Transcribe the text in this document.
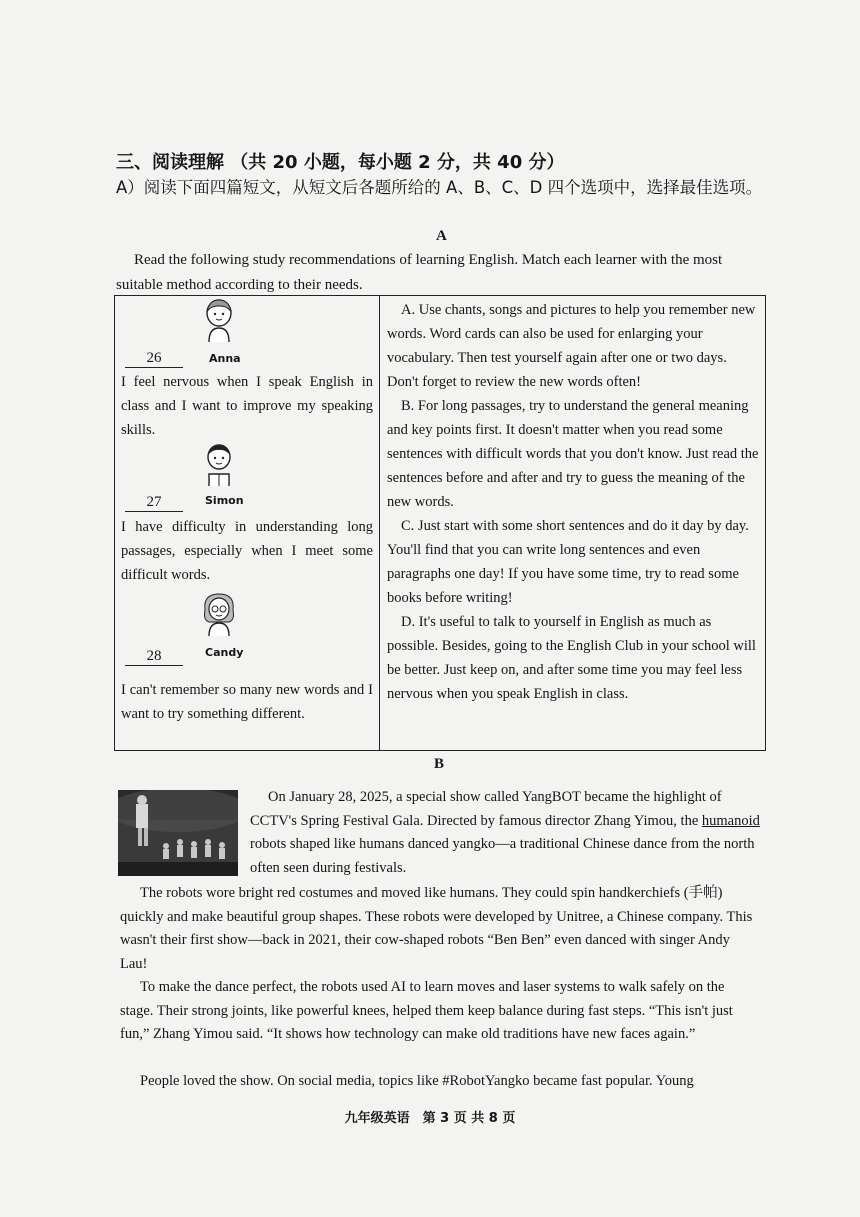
三、阅读理解 （共 20 小题，每小题 2 分，共 40 分）
A）阅读下面四篇短文，从短文后各题所给的 A、B、C、D 四个选项中，选择最佳选项。
A
Read the following study recommendations of learning English. Match each learner with the most suitable method according to their needs.
Anna
26
I feel nervous when I speak English in class and I want to improve my speaking skills.
Simon
27
I have difficulty in understanding long passages, especially when I meet some difficult words.
Candy
28
I can't remember so many new words and I want to try something different.

A. Use chants, songs and pictures to help you remember new words. Word cards can also be used for enlarging your vocabulary. Then test yourself again after one or two days. Don't forget to review the new words often!

B. For long passages, try to understand the general meaning and key points first. It doesn't matter when you read some sentences with difficult words that you don't know. Just read the sentences before and after and try to guess the meaning of the new words.

C. Just start with some short sentences and do it day by day. You'll find that you can write long sentences and even paragraphs one day! If you have some time, try to read some books before writing!

D. It's useful to talk to yourself in English as much as possible. Besides, going to the English Club in your school will be better. Just keep on, and after some time you may feel less nervous when you speak English in class.

B
On January 28, 2025, a special show called YangBOT became the highlight of CCTV's Spring Festival Gala. Directed by famous director Zhang Yimou, the humanoid robots shaped like humans danced yangko—a traditional Chinese dance from the north often seen during festivals.
The robots wore bright red costumes and moved like humans. They could spin handkerchiefs (手帕) quickly and make beautiful group shapes. These robots were developed by Unitree, a Chinese company. This wasn't their first show—back in 2021, their cow-shaped robots “Ben Ben” even danced with singer Andy Lau!
To make the dance perfect, the robots used AI to learn moves and laser systems to walk safely on the stage. Their strong joints, like powerful knees, helped them keep balance during fast steps. “This isn't just fun,” Zhang Yimou said. “It shows how technology can make old traditions have new faces again.”
People loved the show. On social media, topics like #RobotYangko became fast popular. Young
九年级英语　第 3 页 共 8 页
